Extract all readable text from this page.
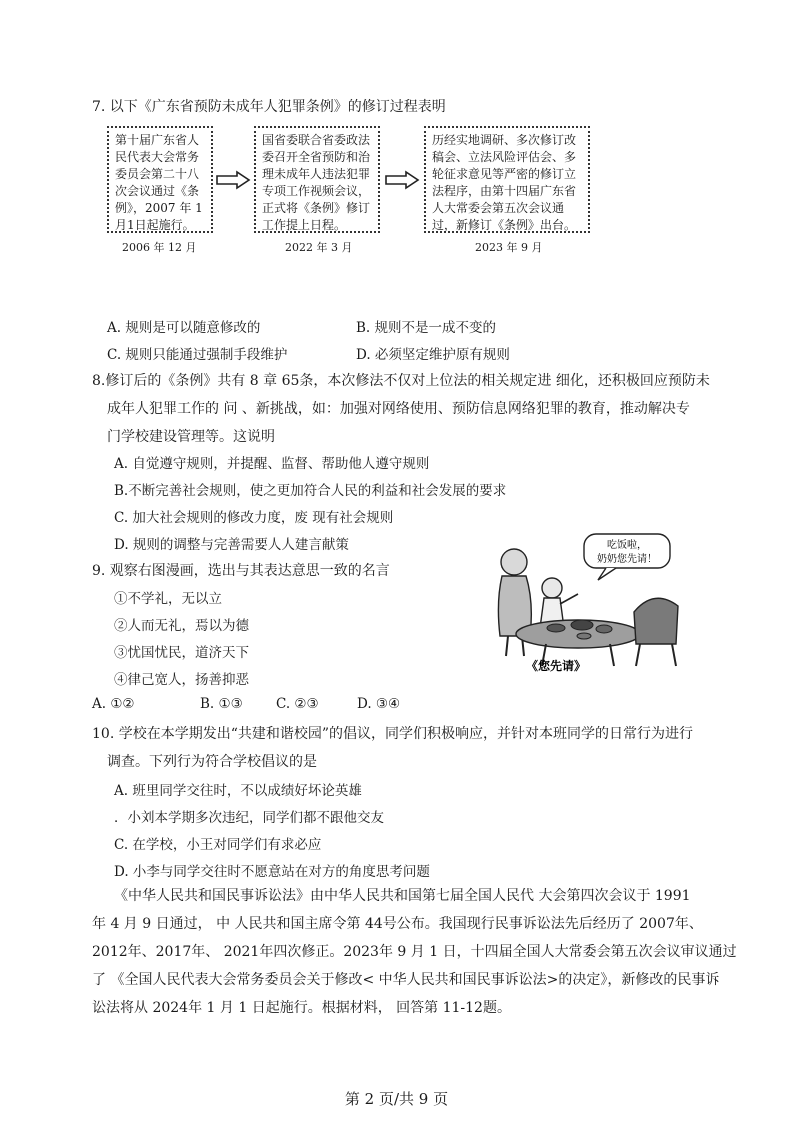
7. 以下《广东省预防未成年人犯罪条例》的修订过程表明
第十届广东省人民代表大会常务委员会第二十八次会议通过《条例》，2007 年 1 月1日起施行。
2006 年 12 月
国省委联合省委政法委召开全省预防和治理未成年人违法犯罪专项工作视频会议，正式将《条例》修订工作提上日程。
2022 年 3 月
历经实地调研、多次修订改稿会、立法风险评估会、多轮征求意见等严密的修订立法程序，由第十四届广东省人大常委会第五次会议通过，新修订《条例》出台。
2023 年 9 月
A. 规则是可以随意修改的	B. 规则不是一成不变的
C. 规则只能通过强制手段维护	D. 必须坚定维护原有规则
8.修订后的《条例》共有 8 章 65条，本次修法不仅对上位法的相关规定进 细化，还积极回应预防未
成年人犯罪工作的 问 、新挑战，如：加强对网络使用、预防信息网络犯罪的教育，推动解决专
门学校建设管理等。这说明
A. 自觉遵守规则，并提醒、监督、帮助他人遵守规则
B.不断完善社会规则，使之更加符合人民的利益和社会发展的要求
C. 加大社会规则的修改力度，废 现有社会规则
D. 规则的调整与完善需要人人建言献策
9. 观察右图漫画，选出与其表达意思一致的名言
①不学礼，无以立
②人而无礼，焉以为德
③忧国忧民，道济天下
④律己宽人，扬善抑恶
A. ①②	B. ①③ C. ②③	D. ③④
吃饭啦，
奶奶您先请！
《您先请》
10. 学校在本学期发出“共建和谐校园”的倡议，同学们积极响应，并针对本班同学的日常行为进行
调查。下列行为符合学校倡议的是
A. 班里同学交往时，不以成绩好坏论英雄
．小刘本学期多次违纪，同学们都不跟他交友
C. 在学校，小王对同学们有求必应
D. 小李与同学交往时不愿意站在对方的角度思考问题
《中华人民共和国民事诉讼法》由中华人民共和国第七届全国人民代 大会第四次会议于 1991
年 4 月 9 日通过， 中 人民共和国主席令第 44号公布。我国现行民事诉讼法先后经历了 2007年、
2012年、2017年、 2021年四次修正。2023年 9 月 1 日，十四届全国人大常委会第五次会议审议通过
了 《全国人民代表大会常务委员会关于修改< 中华人民共和国民事诉讼法>的决定》，新修改的民事诉
讼法将从 2024年 1 月 1 日起施行。根据材料， 回答第 11-12题。
第 2 页/共 9 页
